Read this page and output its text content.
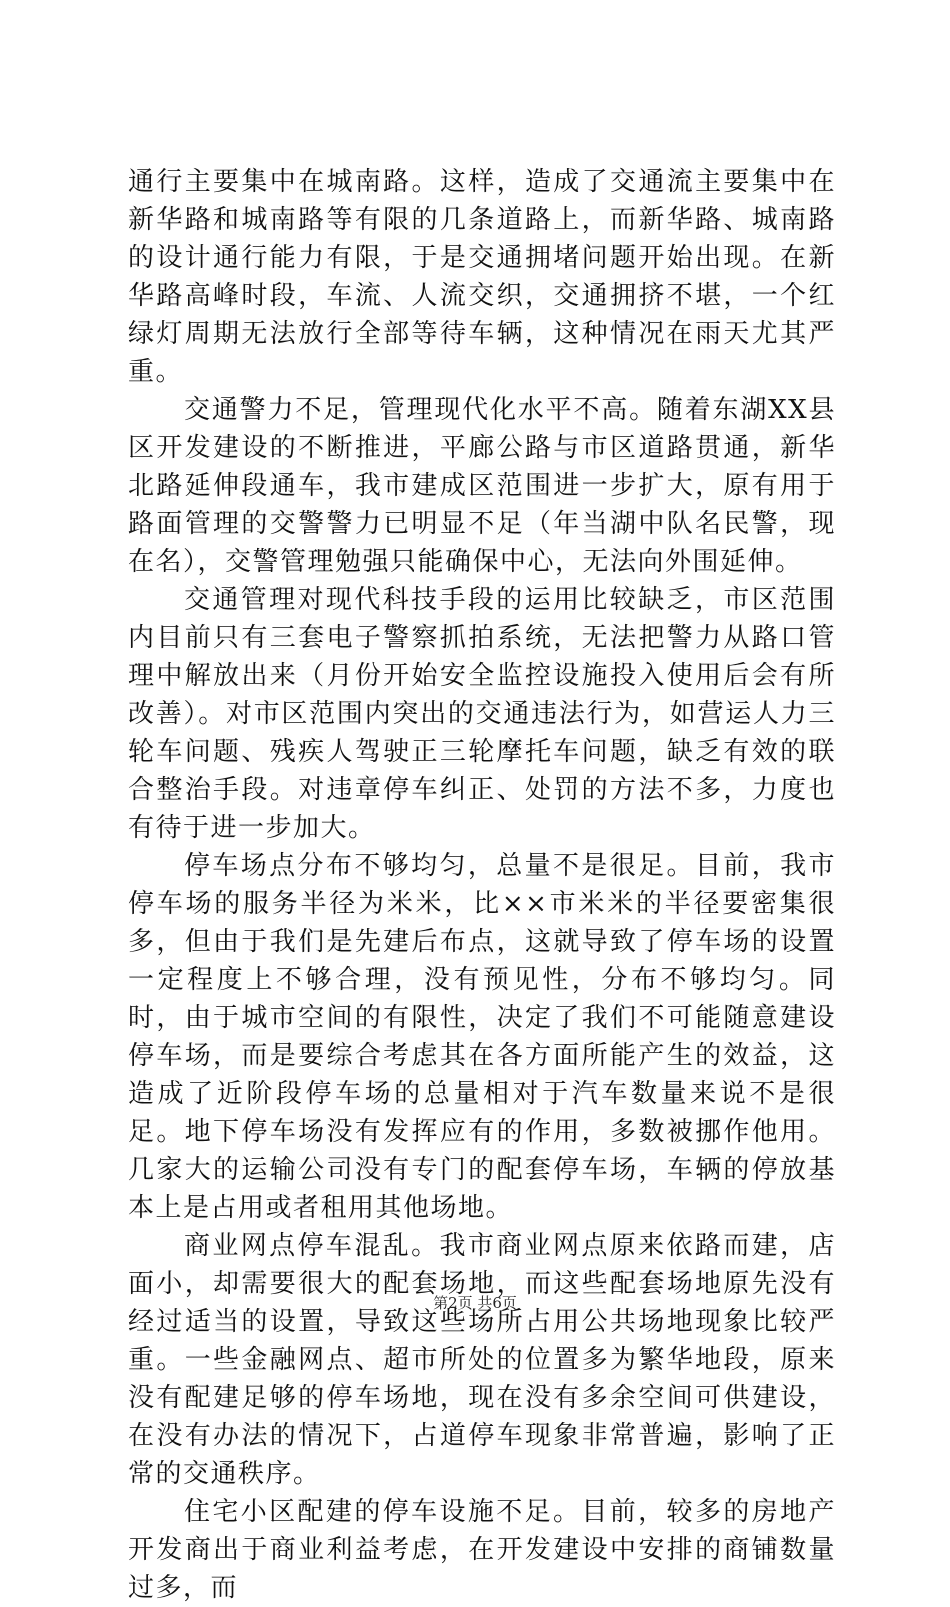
通行主要集中在城南路。这样，造成了交通流主要集中在新华路和城南路等有限的几条道路上，而新华路、城南路的设计通行能力有限，于是交通拥堵问题开始出现。在新华路高峰时段，车流、人流交织，交通拥挤不堪，一个红绿灯周期无法放行全部等待车辆，这种情况在雨天尤其严重。

交通警力不足，管理现代化水平不高。随着东湖XX县区开发建设的不断推进，平廊公路与市区道路贯通，新华北路延伸段通车，我市建成区范围进一步扩大，原有用于路面管理的交警警力已明显不足（年当湖中队名民警，现在名），交警管理勉强只能确保中心，无法向外围延伸。

交通管理对现代科技手段的运用比较缺乏，市区范围内目前只有三套电子警察抓拍系统，无法把警力从路口管理中解放出来（月份开始安全监控设施投入使用后会有所改善）。对市区范围内突出的交通违法行为，如营运人力三轮车问题、残疾人驾驶正三轮摩托车问题，缺乏有效的联合整治手段。对违章停车纠正、处罚的方法不多，力度也有待于进一步加大。

停车场点分布不够均匀，总量不是很足。目前，我市停车场的服务半径为米米，比××市米米的半径要密集很多，但由于我们是先建后布点，这就导致了停车场的设置一定程度上不够合理，没有预见性，分布不够均匀。同时，由于城市空间的有限性，决定了我们不可能随意建设停车场，而是要综合考虑其在各方面所能产生的效益，这造成了近阶段停车场的总量相对于汽车数量来说不是很足。地下停车场没有发挥应有的作用，多数被挪作他用。几家大的运输公司没有专门的配套停车场，车辆的停放基本上是占用或者租用其他场地。

商业网点停车混乱。我市商业网点原来依路而建，店面小，却需要很大的配套场地，而这些配套场地原先没有经过适当的设置，导致这些场所占用公共场地现象比较严重。一些金融网点、超市所处的位置多为繁华地段，原来没有配建足够的停车场地，现在没有多余空间可供建设，在没有办法的情况下，占道停车现象非常普遍，影响了正常的交通秩序。

住宅小区配建的停车设施不足。目前，较多的房地产开发商出于商业利益考虑，在开发建设中安排的商铺数量过多，而

第2页 共6页
